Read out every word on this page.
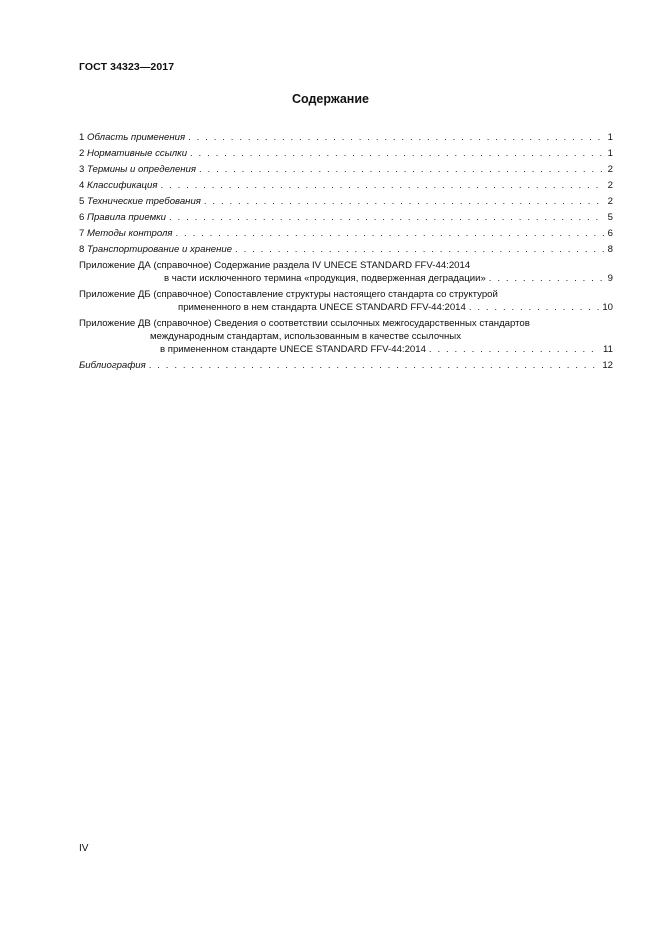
ГОСТ 34323—2017
Содержание
1 Область применения . . .	1
2 Нормативные ссылки . . .	1
3 Термины и определения . . .	2
4 Классификация . . .	2
5 Технические требования . . .	2
6 Правила приемки . . .	5
7 Методы контроля . . .	6
8 Транспортирование и хранение . . .	8
Приложение ДА (справочное) Содержание раздела IV UNECE STANDARD FFV-44:2014
в части исключенного термина «продукция, подверженная деградации» . . .	9
Приложение ДБ (справочное) Сопоставление структуры настоящего стандарта со структурой
примененного в нем стандарта UNECE STANDARD FFV-44:2014 . . .	10
Приложение ДВ (справочное) Сведения о соответствии ссылочных межгосударственных стандартов
международным стандартам, использованным в качестве ссылочных
в примененном стандарте UNECE STANDARD FFV-44:2014 . . .	11
Библиография . . .	12
IV
